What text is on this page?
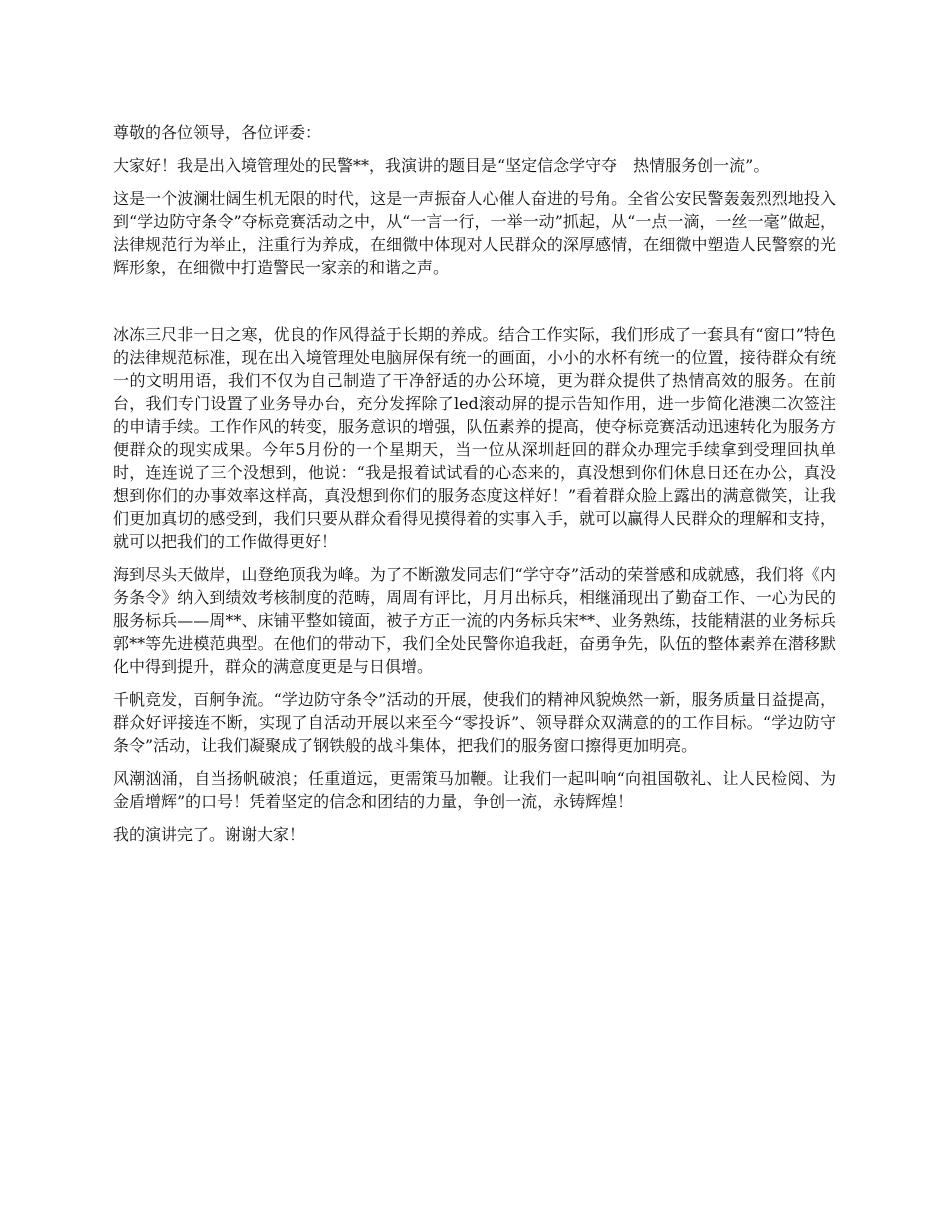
尊敬的各位领导，各位评委：

大家好！我是出入境管理处的民警**，我演讲的题目是“坚定信念学守夺　热情服务创一流”。

这是一个波澜壮阔生机无限的时代，这是一声振奋人心催人奋进的号角。全省公安民警轰轰烈烈地投入到“学边防守条令”夺标竞赛活动之中，从“一言一行，一举一动”抓起，从“一点一滴，一丝一毫”做起，法律规范行为举止，注重行为养成，在细微中体现对人民群众的深厚感情，在细微中塑造人民警察的光辉形象，在细微中打造警民一家亲的和谐之声。

冰冻三尺非一日之寒，优良的作风得益于长期的养成。结合工作实际，我们形成了一套具有“窗口”特色的法律规范标准，现在出入境管理处电脑屏保有统一的画面，小小的水杯有统一的位置，接待群众有统一的文明用语，我们不仅为自己制造了干净舒适的办公环境，更为群众提供了热情高效的服务。在前台，我们专门设置了业务导办台，充分发挥除了led滚动屏的提示告知作用，进一步简化港澳二次签注的申请手续。工作作风的转变，服务意识的增强，队伍素养的提高，使夺标竞赛活动迅速转化为服务方便群众的现实成果。今年5月份的一个星期天，当一位从深圳赶回的群众办理完手续拿到受理回执单时，连连说了三个没想到，他说：“我是报着试试看的心态来的，真没想到你们休息日还在办公，真没想到你们的办事效率这样高，真没想到你们的服务态度这样好！”看着群众脸上露出的满意微笑，让我们更加真切的感受到，我们只要从群众看得见摸得着的实事入手，就可以赢得人民群众的理解和支持，就可以把我们的工作做得更好！

海到尽头天做岸，山登绝顶我为峰。为了不断激发同志们“学守夺”活动的荣誉感和成就感，我们将《内务条令》纳入到绩效考核制度的范畴，周周有评比，月月出标兵，相继涌现出了勤奋工作、一心为民的服务标兵——周**、床铺平整如镜面，被子方正一流的内务标兵宋**、业务熟练，技能精湛的业务标兵郭**等先进模范典型。在他们的带动下，我们全处民警你追我赶，奋勇争先，队伍的整体素养在潜移默化中得到提升，群众的满意度更是与日俱增。

千帆竞发，百舸争流。“学边防守条令”活动的开展，使我们的精神风貌焕然一新，服务质量日益提高，群众好评接连不断，实现了自活动开展以来至今“零投诉”、领导群众双满意的的工作目标。“学边防守条令”活动，让我们凝聚成了钢铁般的战斗集体，把我们的服务窗口擦得更加明亮。

风潮汹涌，自当扬帆破浪；任重道远，更需策马加鞭。让我们一起叫响“向祖国敬礼、让人民检阅、为金盾增辉”的口号！凭着坚定的信念和团结的力量，争创一流，永铸辉煌！

我的演讲完了。谢谢大家！
